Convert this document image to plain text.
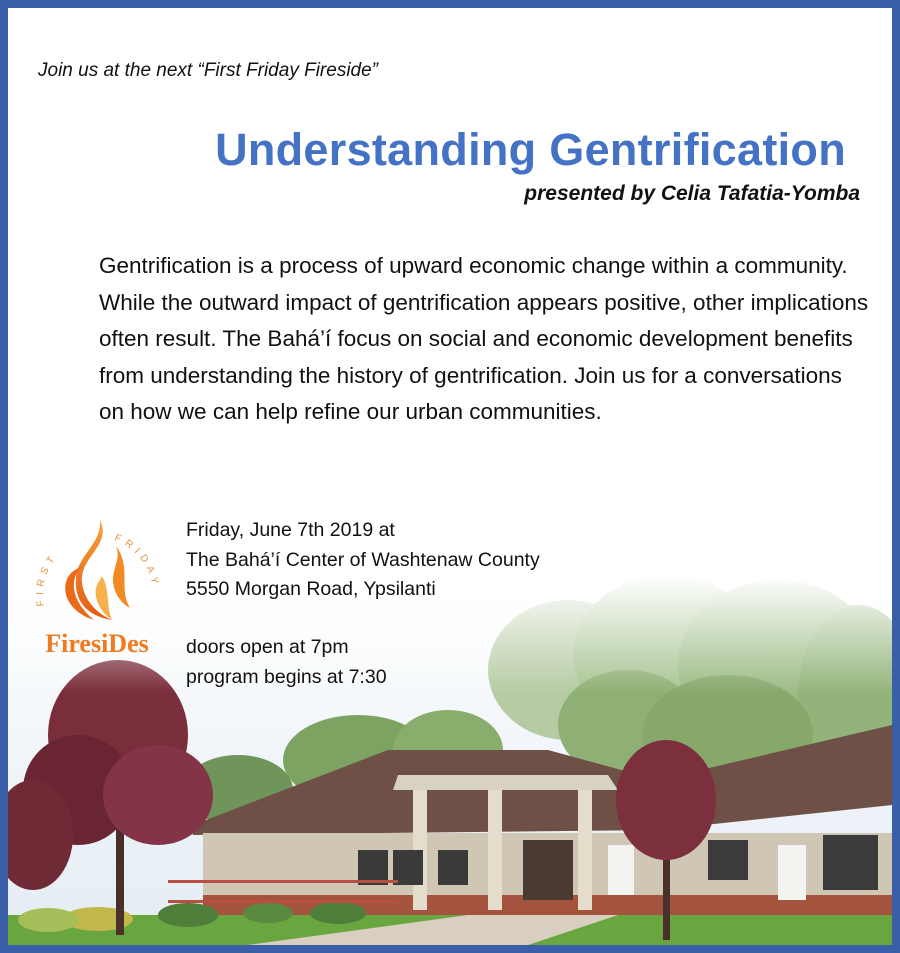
Join us at the next “First Friday Fireside”
Understanding Gentrification
presented by Celia Tafatia-Yomba
Gentrification is a process of upward economic change within a community. While the outward impact of gentrification appears positive, other implications often result. The Bahá’í focus on social and economic development benefits from understanding the history of gentrification. Join us for a conversations on how we can help refine our urban communities.
Friday, June 7th 2019 at
The Bahá’í Center of Washtenaw County
5550 Morgan Road, Ypsilanti
doors open at 7pm
program begins at 7:30
FIRST
FRIDAY
FiresiDes
